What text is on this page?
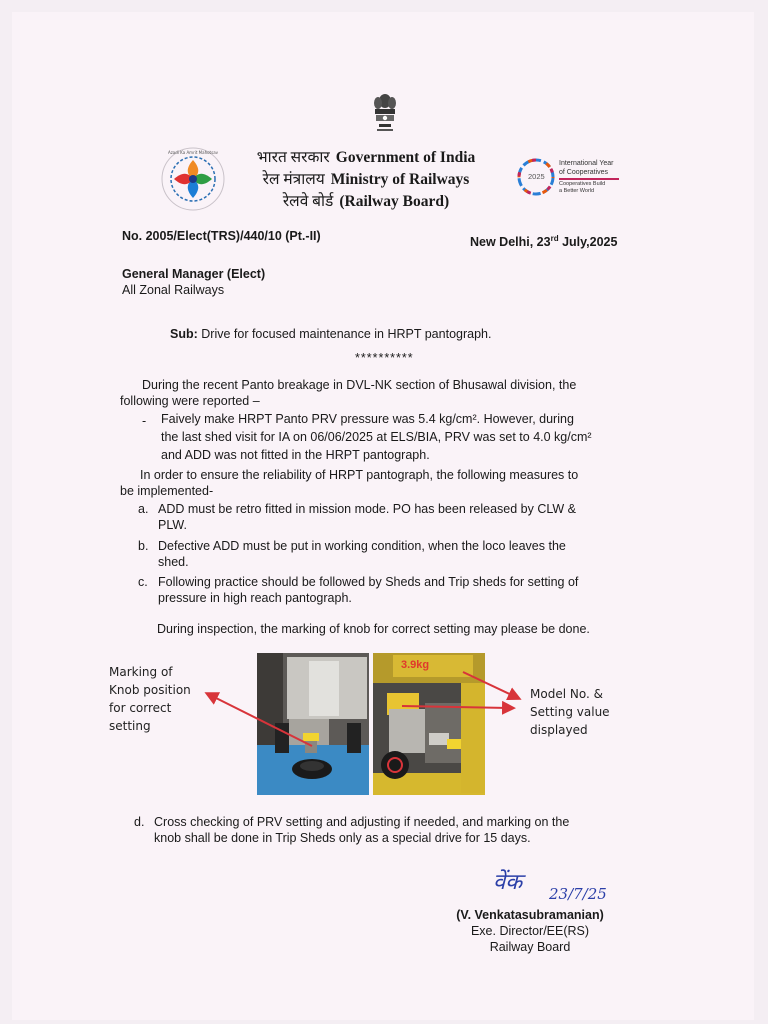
Azadi Ka Amrit Mahotsav	भारत सरकार Government of India
रेल मंत्रालय Ministry of Railways
रेलवे बोर्ड (Railway Board)
2025
International Year
of Cooperatives
Cooperatives Build
a Better World
No. 2005/Elect(TRS)/440/10 (Pt.-II)	New Delhi, 23rd July,2025
General Manager (Elect)
All Zonal Railways
Sub: Drive for focused maintenance in HRPT pantograph.
**********
During the recent Panto breakage in DVL-NK section of Bhusawal division, the
following were reported –
- Faively make HRPT Panto PRV pressure was 5.4 kg/cm². However, during
the last shed visit for IA on 06/06/2025 at ELS/BIA, PRV was set to 4.0 kg/cm²
and ADD was not fitted in the HRPT pantograph.
In order to ensure the reliability of HRPT pantograph, the following measures to
be implemented-
a. ADD must be retro fitted in mission mode. PO has been released by CLW &
PLW.
b. Defective ADD must be put in working condition, when the loco leaves the
shed.
c. Following practice should be followed by Sheds and Trip sheds for setting of
pressure in high reach pantograph.
During inspection, the marking of knob for correct setting may please be done.
3.9kg
Marking of
Knob position
for correct
setting
Model No. &
Setting value
displayed
d. Cross checking of PRV setting and adjusting if needed, and marking on the
knob shall be done in Trip Sheds only as a special drive for 15 days.
वेंक 23/7/25
(V. Venkatasubramanian)
Exe. Director/EE(RS)
Railway Board
